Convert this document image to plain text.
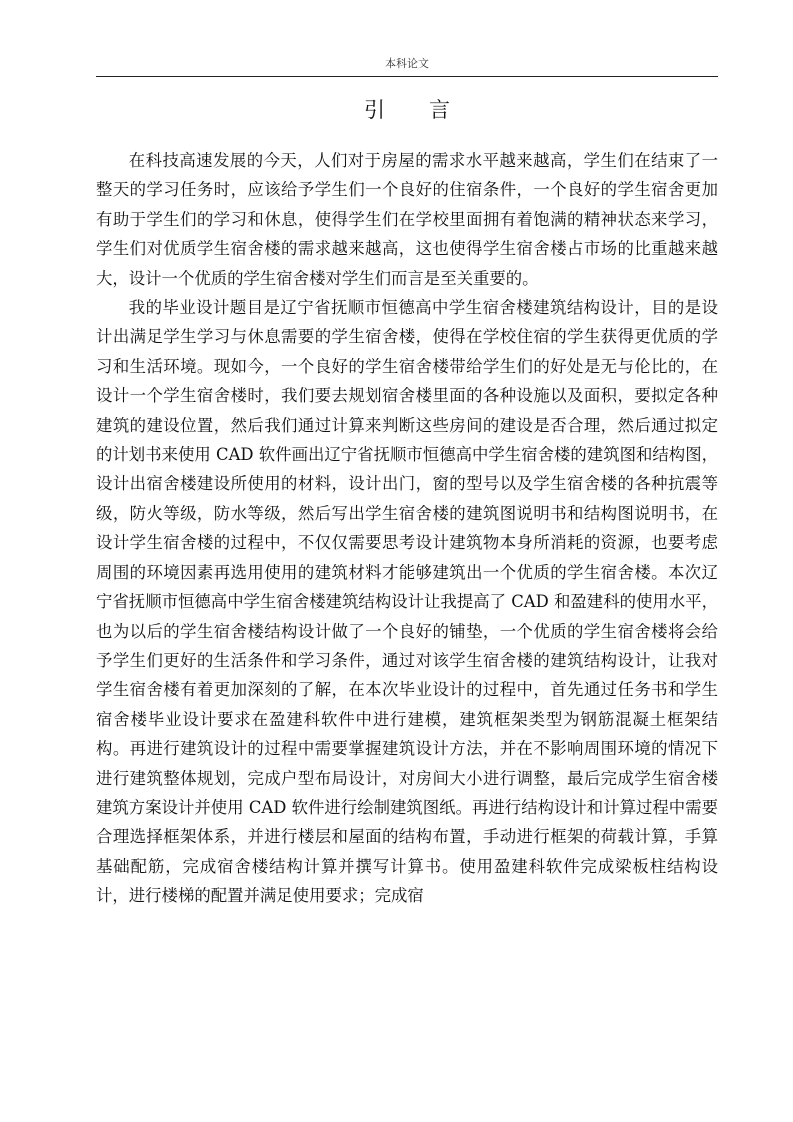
本科论文
引言

在科技高速发展的今天，人们对于房屋的需求水平越来越高，学生们在结束了一整天的学习任务时，应该给予学生们一个良好的住宿条件，一个良好的学生宿舍更加有助于学生们的学习和休息，使得学生们在学校里面拥有着饱满的精神状态来学习，学生们对优质学生宿舍楼的需求越来越高，这也使得学生宿舍楼占市场的比重越来越大，设计一个优质的学生宿舍楼对学生们而言是至关重要的。

我的毕业设计题目是辽宁省抚顺市恒德高中学生宿舍楼建筑结构设计，目的是设计出满足学生学习与休息需要的学生宿舍楼，使得在学校住宿的学生获得更优质的学习和生活环境。现如今，一个良好的学生宿舍楼带给学生们的好处是无与伦比的，在设计一个学生宿舍楼时，我们要去规划宿舍楼里面的各种设施以及面积，要拟定各种建筑的建设位置，然后我们通过计算来判断这些房间的建设是否合理，然后通过拟定的计划书来使用 CAD 软件画出辽宁省抚顺市恒德高中学生宿舍楼的建筑图和结构图，设计出宿舍楼建设所使用的材料，设计出门，窗的型号以及学生宿舍楼的各种抗震等级，防火等级，防水等级，然后写出学生宿舍楼的建筑图说明书和结构图说明书，在设计学生宿舍楼的过程中，不仅仅需要思考设计建筑物本身所消耗的资源，也要考虑周围的环境因素再选用使用的建筑材料才能够建筑出一个优质的学生宿舍楼。本次辽宁省抚顺市恒德高中学生宿舍楼建筑结构设计让我提高了 CAD 和盈建科的使用水平，也为以后的学生宿舍楼结构设计做了一个良好的铺垫，一个优质的学生宿舍楼将会给予学生们更好的生活条件和学习条件，通过对该学生宿舍楼的建筑结构设计，让我对学生宿舍楼有着更加深刻的了解，在本次毕业设计的过程中，首先通过任务书和学生宿舍楼毕业设计要求在盈建科软件中进行建模，建筑框架类型为钢筋混凝土框架结构。再进行建筑设计的过程中需要掌握建筑设计方法，并在不影响周围环境的情况下进行建筑整体规划，完成户型布局设计，对房间大小进行调整，最后完成学生宿舍楼建筑方案设计并使用 CAD 软件进行绘制建筑图纸。再进行结构设计和计算过程中需要合理选择框架体系，并进行楼层和屋面的结构布置，手动进行框架的荷载计算，手算基础配筋，完成宿舍楼结构计算并撰写计算书。使用盈建科软件完成梁板柱结构设计，进行楼梯的配置并满足使用要求；完成宿
